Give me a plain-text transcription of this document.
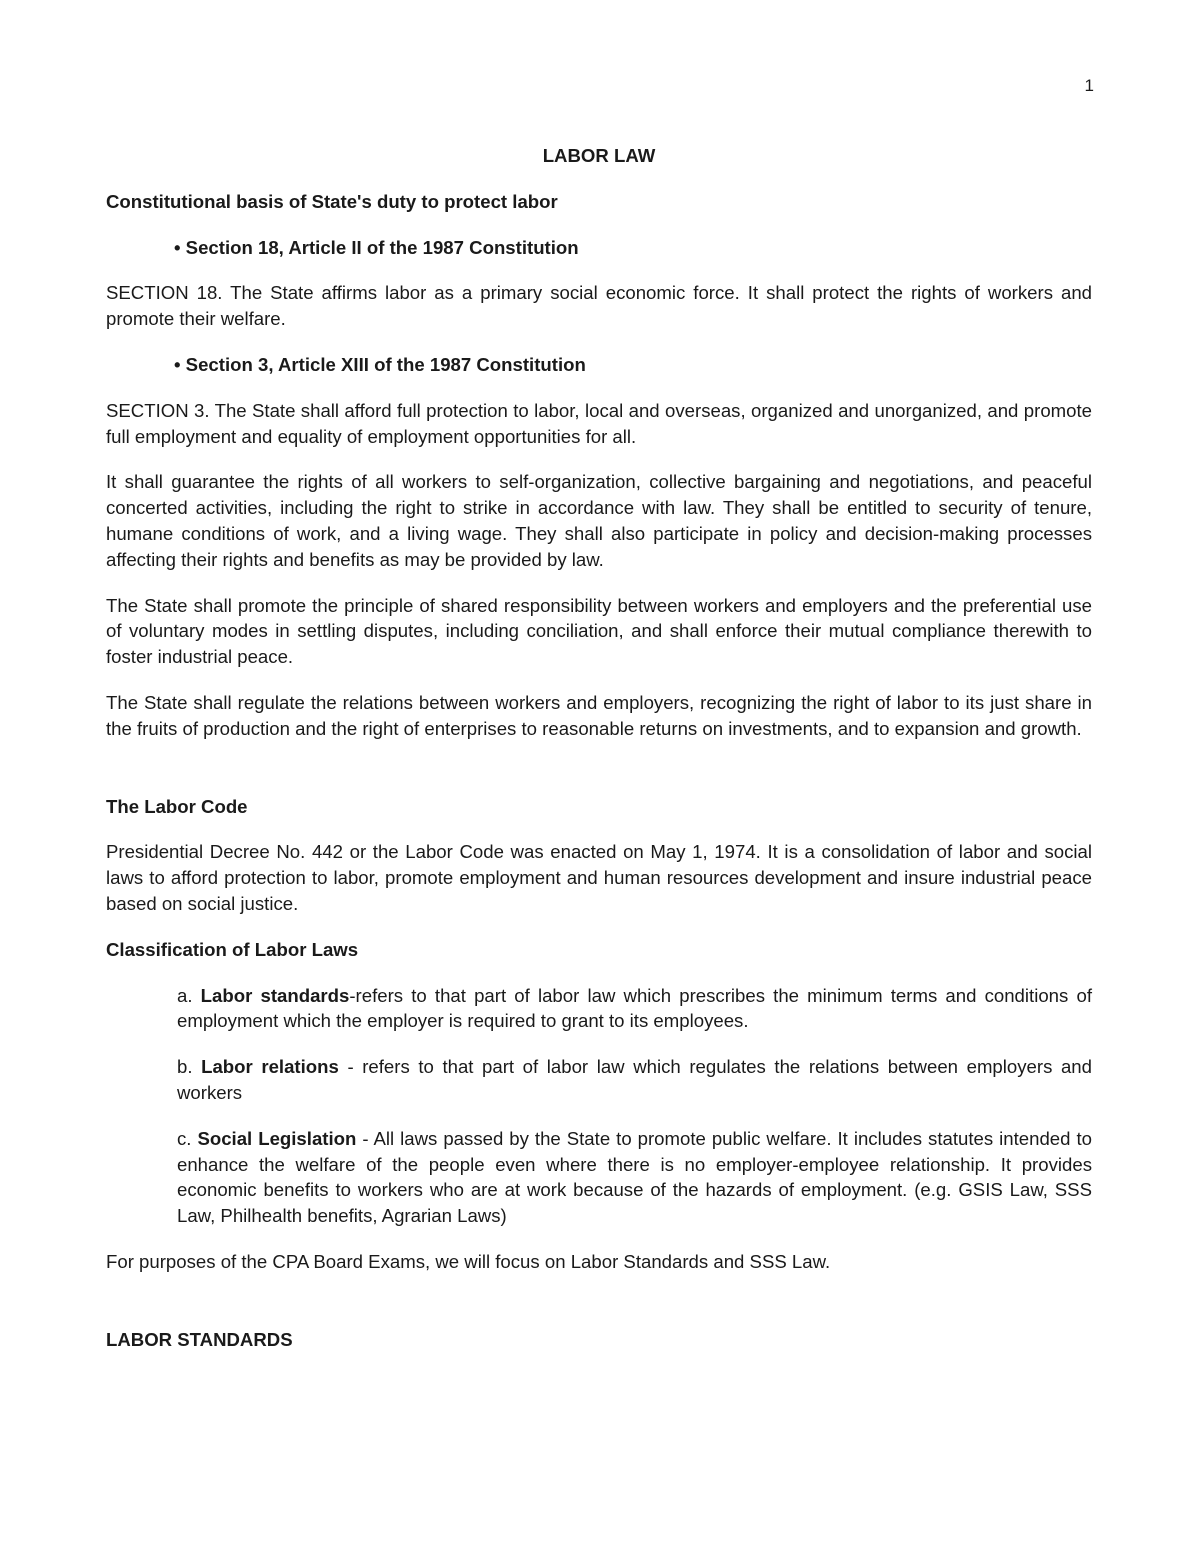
1

LABOR LAW

Constitutional basis of State's duty to protect labor

• Section 18, Article II of the 1987 Constitution

SECTION 18. The State affirms labor as a primary social economic force. It shall protect the rights of workers and promote their welfare.

• Section 3, Article XIII of the 1987 Constitution

SECTION 3. The State shall afford full protection to labor, local and overseas, organized and unorganized, and promote full employment and equality of employment opportunities for all.

It shall guarantee the rights of all workers to self-organization, collective bargaining and negotiations, and peaceful concerted activities, including the right to strike in accordance with law. They shall be entitled to security of tenure, humane conditions of work, and a living wage. They shall also participate in policy and decision-making processes affecting their rights and benefits as may be provided by law.

The State shall promote the principle of shared responsibility between workers and employers and the preferential use of voluntary modes in settling disputes, including conciliation, and shall enforce their mutual compliance therewith to foster industrial peace.

The State shall regulate the relations between workers and employers, recognizing the right of labor to its just share in the fruits of production and the right of enterprises to reasonable returns on investments, and to expansion and growth.

The Labor Code

Presidential Decree No. 442 or the Labor Code was enacted on May 1, 1974. It is a consolidation of labor and social laws to afford protection to labor, promote employment and human resources development and insure industrial peace based on social justice.

Classification of Labor Laws

a. Labor standards-refers to that part of labor law which prescribes the minimum terms and conditions of employment which the employer is required to grant to its employees.

b. Labor relations - refers to that part of labor law which regulates the relations between employers and workers

c. Social Legislation - All laws passed by the State to promote public welfare. It includes statutes intended to enhance the welfare of the people even where there is no employer-employee relationship. It provides economic benefits to workers who are at work because of the hazards of employment. (e.g. GSIS Law, SSS Law, Philhealth benefits, Agrarian Laws)

For purposes of the CPA Board Exams, we will focus on Labor Standards and SSS Law.

LABOR STANDARDS
